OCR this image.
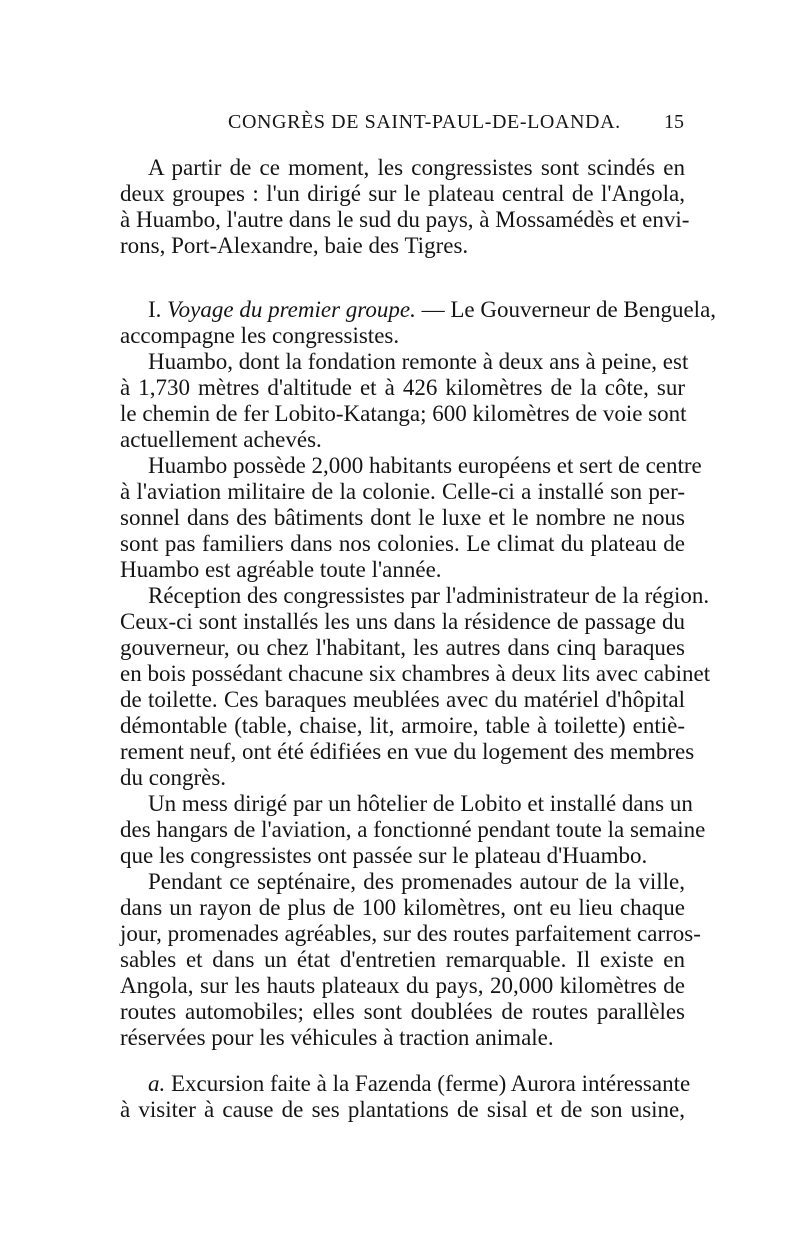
CONGRÈS DE SAINT-PAUL-DE-LOANDA. 15
A partir de ce moment, les congressistes sont scindés en
deux groupes : l'un dirigé sur le plateau central de l'Angola,
à Huambo, l'autre dans le sud du pays, à Mossamédès et envi-
rons, Port-Alexandre, baie des Tigres.
I. Voyage du premier groupe. — Le Gouverneur de Benguela,
accompagne les congressistes.
Huambo, dont la fondation remonte à deux ans à peine, est
à 1,730 mètres d'altitude et à 426 kilomètres de la côte, sur
le chemin de fer Lobito-Katanga; 600 kilomètres de voie sont
actuellement achevés.
Huambo possède 2,000 habitants européens et sert de centre
à l'aviation militaire de la colonie. Celle-ci a installé son per-
sonnel dans des bâtiments dont le luxe et le nombre ne nous
sont pas familiers dans nos colonies. Le climat du plateau de
Huambo est agréable toute l'année.
Réception des congressistes par l'administrateur de la région.
Ceux-ci sont installés les uns dans la résidence de passage du
gouverneur, ou chez l'habitant, les autres dans cinq baraques
en bois possédant chacune six chambres à deux lits avec cabinet
de toilette. Ces baraques meublées avec du matériel d'hôpital
démontable (table, chaise, lit, armoire, table à toilette) entiè-
rement neuf, ont été édifiées en vue du logement des membres
du congrès.
Un mess dirigé par un hôtelier de Lobito et installé dans un
des hangars de l'aviation, a fonctionné pendant toute la semaine
que les congressistes ont passée sur le plateau d'Huambo.
Pendant ce septénaire, des promenades autour de la ville,
dans un rayon de plus de 100 kilomètres, ont eu lieu chaque
jour, promenades agréables, sur des routes parfaitement carros-
sables et dans un état d'entretien remarquable. Il existe en
Angola, sur les hauts plateaux du pays, 20,000 kilomètres de
routes automobiles; elles sont doublées de routes parallèles
réservées pour les véhicules à traction animale.
a. Excursion faite à la Fazenda (ferme) Aurora intéressante
à visiter à cause de ses plantations de sisal et de son usine,
